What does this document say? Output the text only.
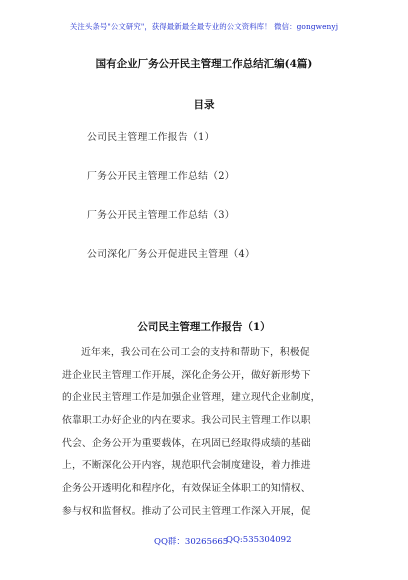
关注头条号"公文研究"，获得最新最全最专业的公文资料库！ 微信：gongwenyj
国有企业厂务公开民主管理工作总结汇编(4篇)
目录
公司民主管理工作报告（1）
厂务公开民主管理工作总结（2）
厂务公开民主管理工作总结（3）
公司深化厂务公开促进民主管理（4）
公司民主管理工作报告（1）
近年来，我公司在公司工会的支持和帮助下，积极促
进企业民主管理工作开展，深化企务公开，做好新形势下
的企业民主管理工作是加强企业管理，建立现代企业制度，
依靠职工办好企业的内在要求。我公司民主管理工作以职
代会、企务公开为重要载体，在巩固已经取得成绩的基础
上，不断深化公开内容，规范职代会制度建设，着力推进
企务公开透明化和程序化，有效保证全体职工的知情权、
参与权和监督权。推动了公司民主管理工作深入开展，促
QQ群：30265665
QQ:535304092
